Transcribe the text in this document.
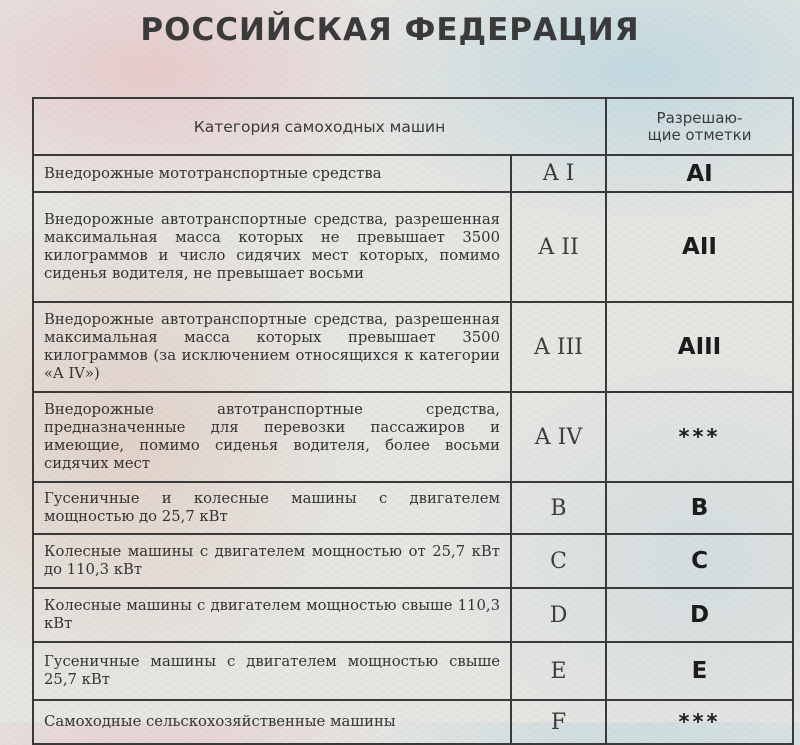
РОССИЙСКАЯ ФЕДЕРАЦИЯ
Категория самоходных машин		Разрешаю-
щие отметки
Внедорожные мототранспортные средства	A I	AI
Внедорожные автотранспортные средства, разрешенная максимальная масса которых не превышает 3500 килограммов и число сидячих мест которых, помимо сиденья водителя, не превышает восьми	A II	AII
Внедорожные автотранспортные средства, разрешенная максимальная масса которых превышает 3500 килограммов (за исключением относящихся к категории «A IV»)	A III	AIII
Внедорожные автотранспортные средства, предназначенные для перевозки пассажиров и имеющие, помимо сиденья водителя, более восьми сидячих мест	A IV	***
Гусеничные и колесные машины с двигателем мощностью до 25,7 кВт	B	B
Колесные машины с двигателем мощностью от 25,7 кВт до 110,3 кВт	C	C
Колесные машины с двигателем мощностью свыше 110,3 кВт	D	D
Гусеничные машины с двигателем мощностью свыше 25,7 кВт	E	E
Самоходные сельскохозяйственные машины	F	***
